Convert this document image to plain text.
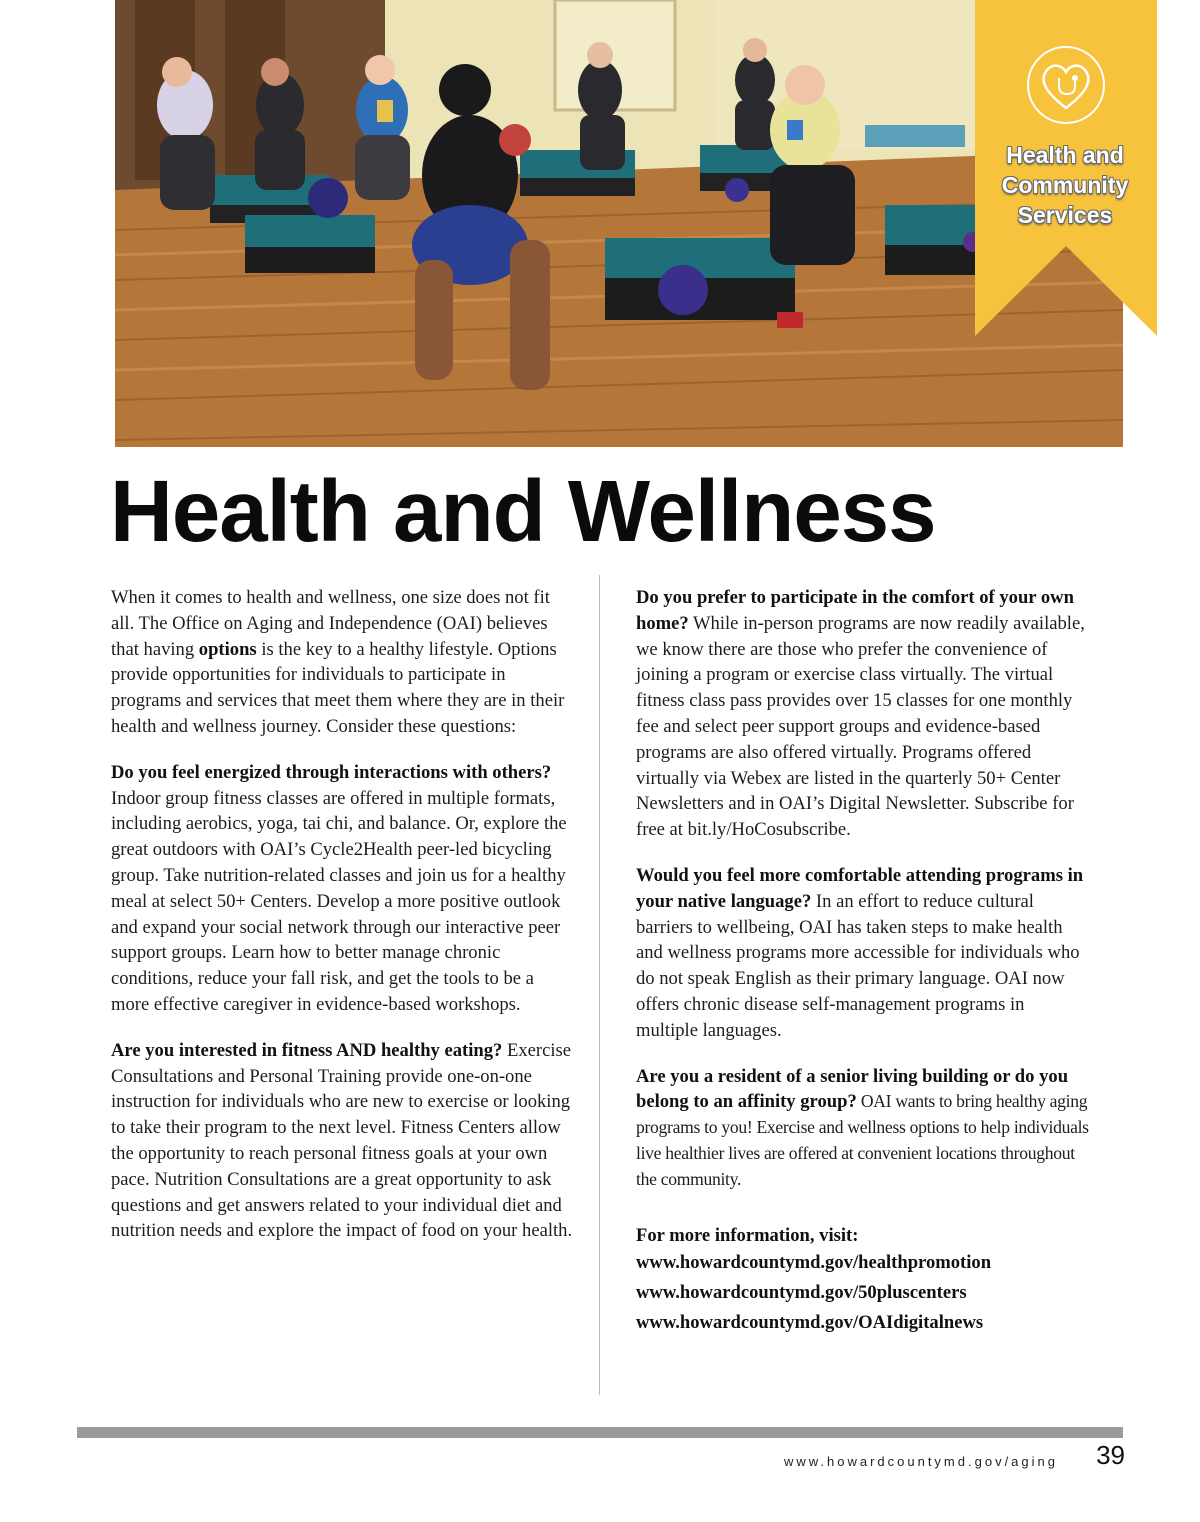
Health and
Community
Services
Health and Wellness

When it comes to health and wellness, one size does not fit all. The Office on Aging and Independence (OAI) believes that having options is the key to a healthy lifestyle. Options provide opportunities for individuals to participate in programs and services that meet them where they are in their health and wellness journey. Consider these questions:

Do you feel energized through interactions with others? Indoor group fitness classes are offered in multiple formats, including aerobics, yoga, tai chi, and balance. Or, explore the great outdoors with OAI’s Cycle2Health peer-led bicycling group. Take nutrition-related classes and join us for a healthy meal at select 50+ Centers. Develop a more positive outlook and expand your social network through our interactive peer support groups. Learn how to better manage chronic conditions, reduce your fall risk, and get the tools to be a more effective caregiver in evidence-based workshops.

Are you interested in fitness AND healthy eating? Exercise Consultations and Personal Training provide one-on-one instruction for individuals who are new to exercise or looking to take their program to the next level. Fitness Centers allow the opportunity to reach personal fitness goals at your own pace. Nutrition Consultations are a great opportunity to ask questions and get answers related to your individual diet and nutrition needs and explore the impact of food on your health.

Do you prefer to participate in the comfort of your own home? While in-person programs are now readily available, we know there are those who prefer the convenience of joining a program or exercise class virtually. The virtual fitness class pass provides over 15 classes for one monthly fee and select peer support groups and evidence-based programs are also offered virtually. Programs offered virtually via Webex are listed in the quarterly 50+ Center Newsletters and in OAI’s Digital Newsletter. Subscribe for free at bit.ly/HoCosubscribe.

Would you feel more comfortable attending programs in your native language? In an effort to reduce cultural barriers to wellbeing, OAI has taken steps to make health and wellness programs more accessible for individuals who do not speak English as their primary language. OAI now offers chronic disease self-management programs in multiple languages.

Are you a resident of a senior living building or do you belong to an affinity group? OAI wants to bring healthy aging programs to you! Exercise and wellness options to help individuals live healthier lives are offered at convenient locations throughout the community.

For more information, visit:
www.howardcountymd.gov/healthpromotion
www.howardcountymd.gov/50pluscenters
www.howardcountymd.gov/OAIdigitalnews

www.howardcountymd.gov/aging	39
